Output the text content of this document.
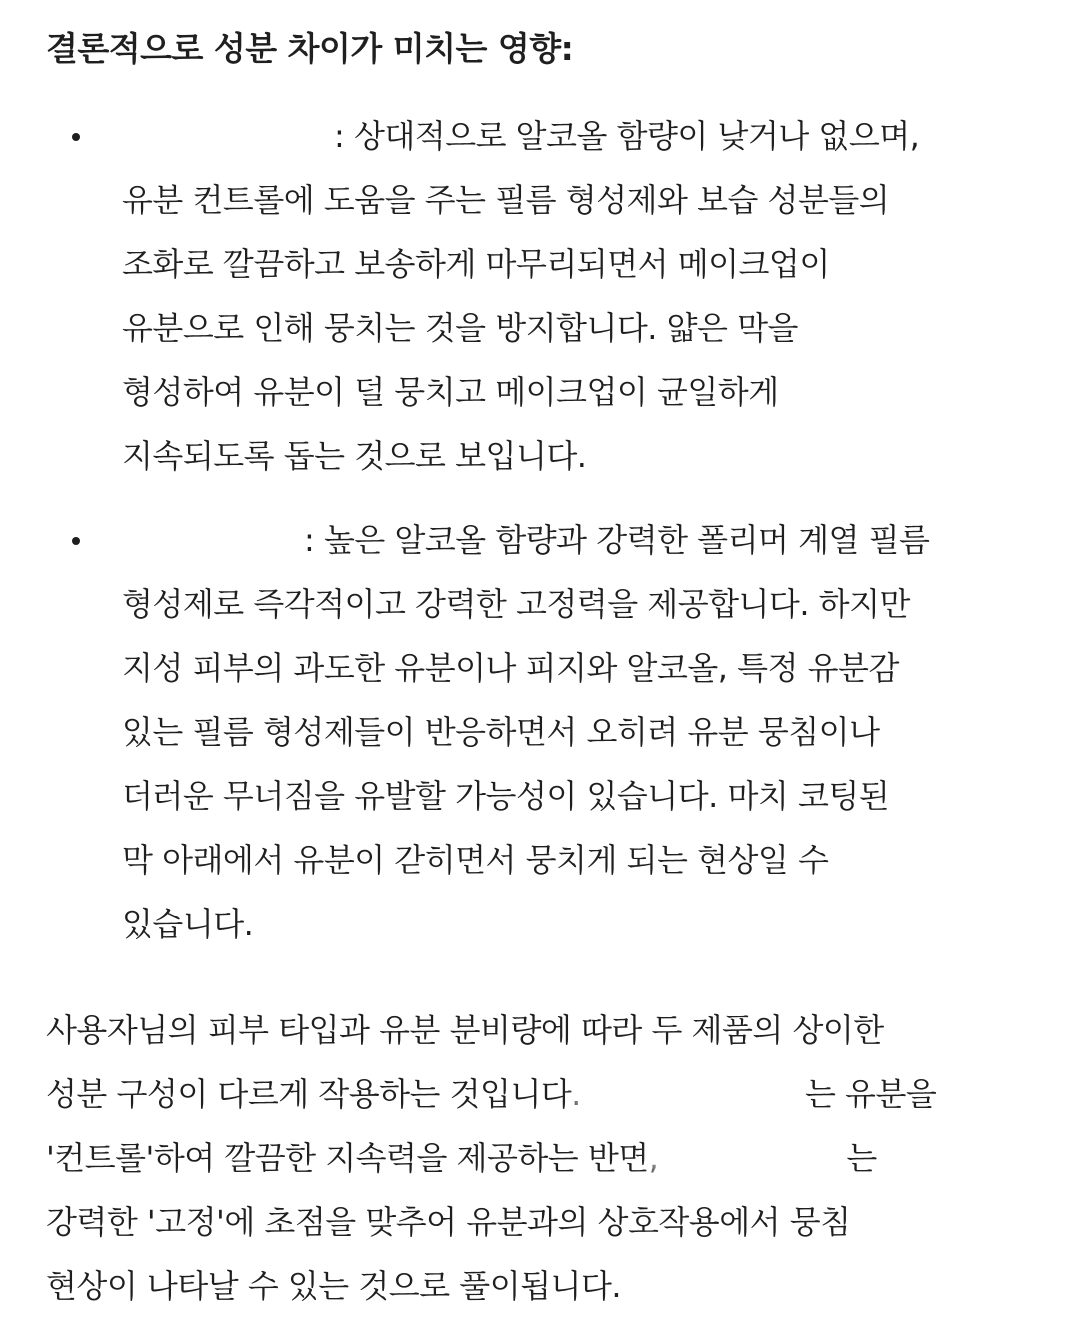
결론적으로 성분 차이가 미치는 영향:

: 상대적으로 알코올 함량이 낮거나 없으며,
유분 컨트롤에 도움을 주는 필름 형성제와 보습 성분들의
조화로 깔끔하고 보송하게 마무리되면서 메이크업이
유분으로 인해 뭉치는 것을 방지합니다. 얇은 막을
형성하여 유분이 덜 뭉치고 메이크업이 균일하게
지속되도록 돕는 것으로 보입니다.

: 높은 알코올 함량과 강력한 폴리머 계열 필름
형성제로 즉각적이고 강력한 고정력을 제공합니다. 하지만
지성 피부의 과도한 유분이나 피지와 알코올, 특정 유분감
있는 필름 형성제들이 반응하면서 오히려 유분 뭉침이나
더러운 무너짐을 유발할 가능성이 있습니다. 마치 코팅된
막 아래에서 유분이 갇히면서 뭉치게 되는 현상일 수
있습니다.

사용자님의 피부 타입과 유분 분비량에 따라 두 제품의 상이한
성분 구성이 다르게 작용하는 것입니다.	는 유분을
'컨트롤'하여 깔끔한 지속력을 제공하는 반면,	는
강력한 '고정'에 초점을 맞추어 유분과의 상호작용에서 뭉침
현상이 나타날 수 있는 것으로 풀이됩니다.
